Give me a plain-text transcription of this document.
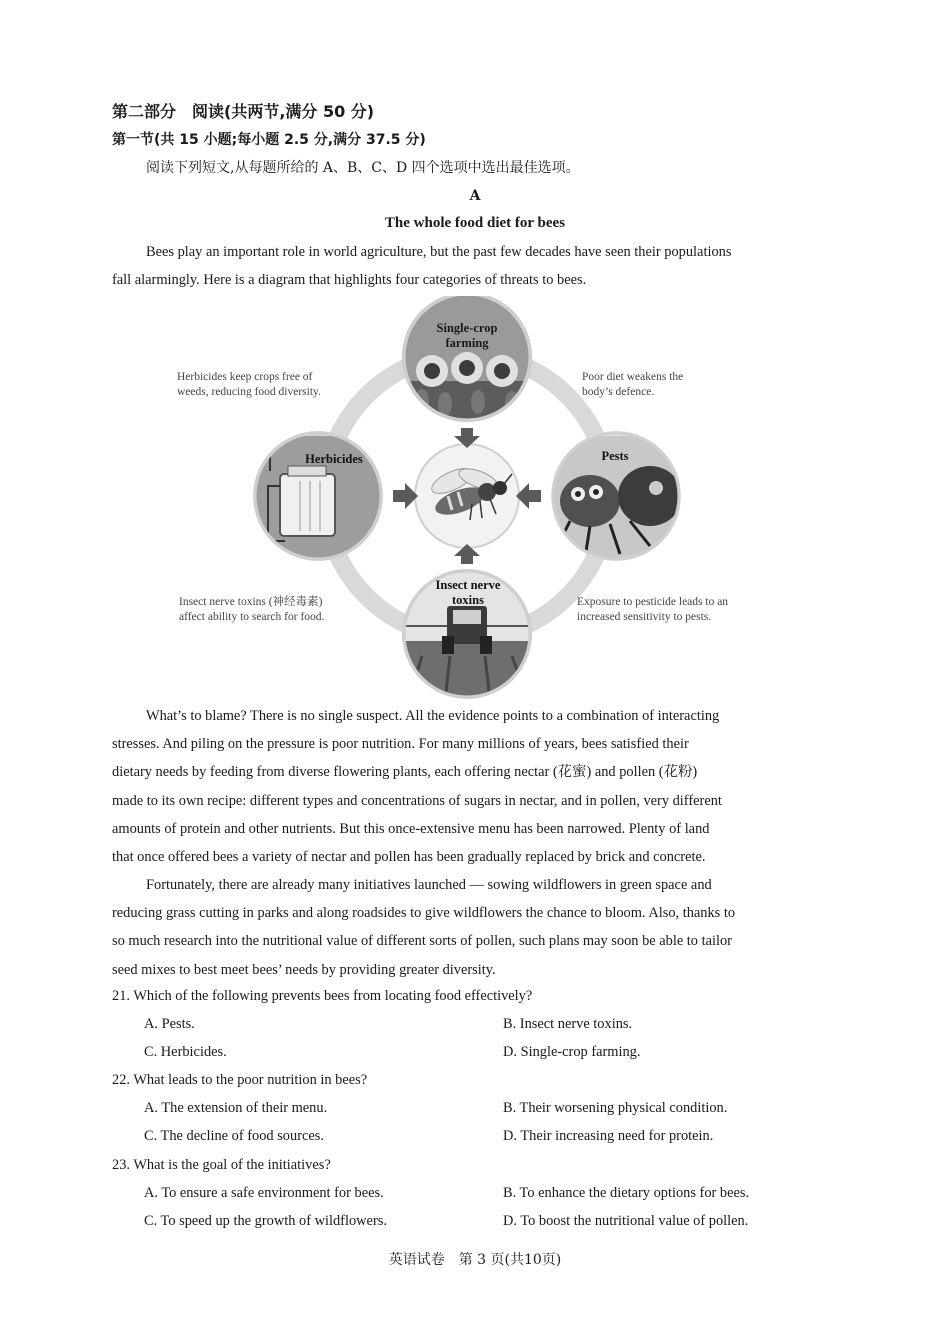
第二部分　阅读(共两节,满分 50 分)
第一节(共 15 小题;每小题 2.5 分,满分 37.5 分)
阅读下列短文,从每题所给的 A、B、C、D 四个选项中选出最佳选项。
A
The whole food diet for bees
Bees play an important role in world agriculture, but the past few decades have seen their populations
fall alarmingly. Here is a diagram that highlights four categories of threats to bees.
Single-crop
farming
Herbicides	Pests
Insect nerve
toxins
Herbicides keep crops free of
weeds, reducing food diversity.
Poor diet weakens the
body’s defence.
Insect nerve toxins (神经毒素)
affect ability to search for food.
Exposure to pesticide leads to an
increased sensitivity to pests.
What’s to blame? There is no single suspect. All the evidence points to a combination of interacting
stresses. And piling on the pressure is poor nutrition. For many millions of years, bees satisfied their
dietary needs by feeding from diverse flowering plants, each offering nectar (花蜜) and pollen (花粉)
made to its own recipe: different types and concentrations of sugars in nectar, and in pollen, very different
amounts of protein and other nutrients. But this once-extensive menu has been narrowed. Plenty of land
that once offered bees a variety of nectar and pollen has been gradually replaced by brick and concrete.
Fortunately, there are already many initiatives launched — sowing wildflowers in green space and
reducing grass cutting in parks and along roadsides to give wildflowers the chance to bloom. Also, thanks to
so much research into the nutritional value of different sorts of pollen, such plans may soon be able to tailor
seed mixes to best meet bees’ needs by providing greater diversity.
21. Which of the following prevents bees from locating food effectively?
A. Pests.	B. Insect nerve toxins.
C. Herbicides.	D. Single-crop farming.
22. What leads to the poor nutrition in bees?
A. The extension of their menu.	B. Their worsening physical condition.
C. The decline of food sources.	D. Their increasing need for protein.
23. What is the goal of the initiatives?
A. To ensure a safe environment for bees.	B. To enhance the dietary options for bees.
C. To speed up the growth of wildflowers.	D. To boost the nutritional value of pollen.
英语试卷　第 3 页(共10页)
